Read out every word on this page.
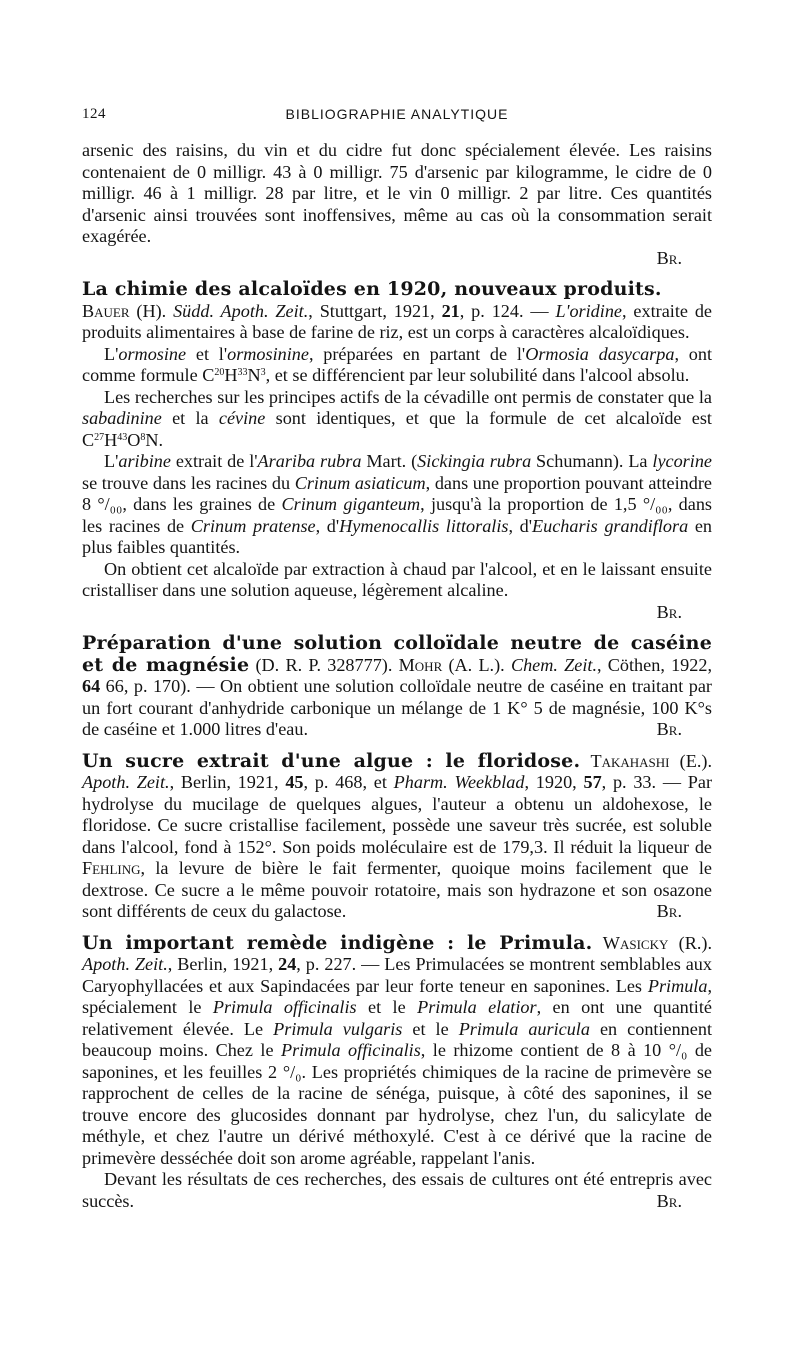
124	BIBLIOGRAPHIE ANALYTIQUE

arsenic des raisins, du vin et du cidre fut donc spécialement élevée. Les raisins contenaient de 0 milligr. 43 à 0 milligr. 75 d'arsenic par kilogramme, le cidre de 0 milligr. 46 à 1 milligr. 28 par litre, et le vin 0 milligr. 2 par litre. Ces quantités d'arsenic ainsi trouvées sont inoffensives, même au cas où la consommation serait exagérée.

Br.

La chimie des alcaloïdes en 1920, nouveaux produits.
Bauer (H). Südd. Apoth. Zeit., Stuttgart, 1921, 21, p. 124. — L'oridine, extraite de produits alimentaires à base de farine de riz, est un corps à caractères alcaloïdiques.

L'ormosine et l'ormosinine, préparées en partant de l'Ormosia dasycarpa, ont comme formule $C^{20}H^{33}N^3$, et se différencient par leur solubilité dans l'alcool absolu.

Les recherches sur les principes actifs de la cévadille ont permis de constater que la sabadinine et la cévine sont identiques, et que la formule de cet alcaloïde est $C^{27}H^{43}O^8N$.

L'aribine extrait de l'Arariba rubra Mart. (Sickingia rubra Schumann). La lycorine se trouve dans les racines du Crinum asiaticum, dans une proportion pouvant atteindre 8 °/₀₀, dans les graines de Crinum giganteum, jusqu'à la proportion de 1,5 °/₀₀, dans les racines de Crinum pratense, d'Hymenocallis littoralis, d'Eucharis grandiflora en plus faibles quantités.

On obtient cet alcaloïde par extraction à chaud par l'alcool, et en le laissant ensuite cristalliser dans une solution aqueuse, légèrement alcaline.

Br.

Préparation d'une solution colloïdale neutre de caséine et de magnésie (D. R. P. 328777). Mohr (A. L.). Chem. Zeit., Cöthen, 1922, 64 66, p. 170). — On obtient une solution colloïdale neutre de caséine en traitant par un fort courant d'anhydride carbonique un mélange de 1 K° 5 de magnésie, 100 K°s de caséine et 1.000 litres d'eau.	Br.

Un sucre extrait d'une algue : le floridose. Takahashi (E.). Apoth. Zeit., Berlin, 1921, 45, p. 468, et Pharm. Weekblad, 1920, 57, p. 33. — Par hydrolyse du mucilage de quelques algues, l'auteur a obtenu un aldohexose, le floridose. Ce sucre cristallise facilement, possède une saveur très sucrée, est soluble dans l'alcool, fond à 152°. Son poids moléculaire est de 179,3. Il réduit la liqueur de Fehling, la levure de bière le fait fermenter, quoique moins facilement que le dextrose. Ce sucre a le même pouvoir rotatoire, mais son hydrazone et son osazone sont différents de ceux du galactose.	Br.

Un important remède indigène : le Primula. Wasicky (R.). Apoth. Zeit., Berlin, 1921, 24, p. 227. — Les Primulacées se montrent semblables aux Caryophyllacées et aux Sapindacées par leur forte teneur en saponines. Les Primula, spécialement le Primula officinalis et le Primula elatior, en ont une quantité relativement élevée. Le Primula vulgaris et le Primula auricula en contiennent beaucoup moins. Chez le Primula officinalis, le rhizome contient de 8 à 10 °/₀ de saponines, et les feuilles 2 °/₀. Les propriétés chimiques de la racine de primevère se rapprochent de celles de la racine de sénéga, puisque, à côté des saponines, il se trouve encore des glucosides donnant par hydrolyse, chez l'un, du salicylate de méthyle, et chez l'autre un dérivé méthoxylé. C'est à ce dérivé que la racine de primevère desséchée doit son arome agréable, rappelant l'anis.

Devant les résultats de ces recherches, des essais de cultures ont été entrepris avec succès.	Br.
